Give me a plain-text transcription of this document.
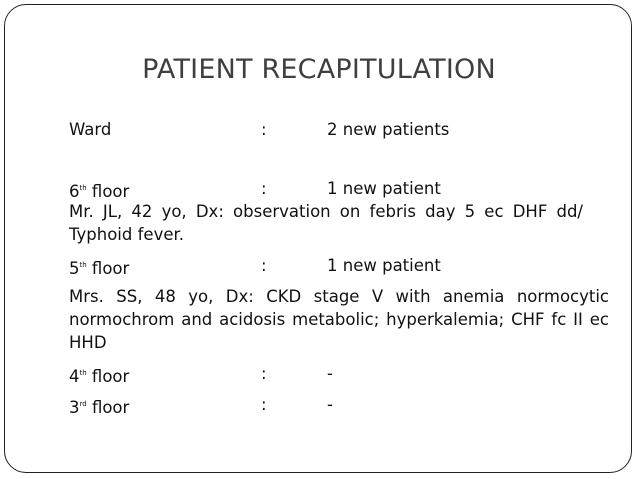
PATIENT RECAPITULATION
Ward	:	2 new patients
6th floor	:	1 new patient
Mr. JL, 42 yo, Dx: observation on febris day 5 ec DHF dd/ Typhoid fever.
5th floor	:	1 new patient
Mrs. SS, 48 yo, Dx: CKD stage V with anemia normocytic normochrom and acidosis metabolic; hyperkalemia; CHF fc II ec HHD
4th floor	:	-
3rd floor	:	-
